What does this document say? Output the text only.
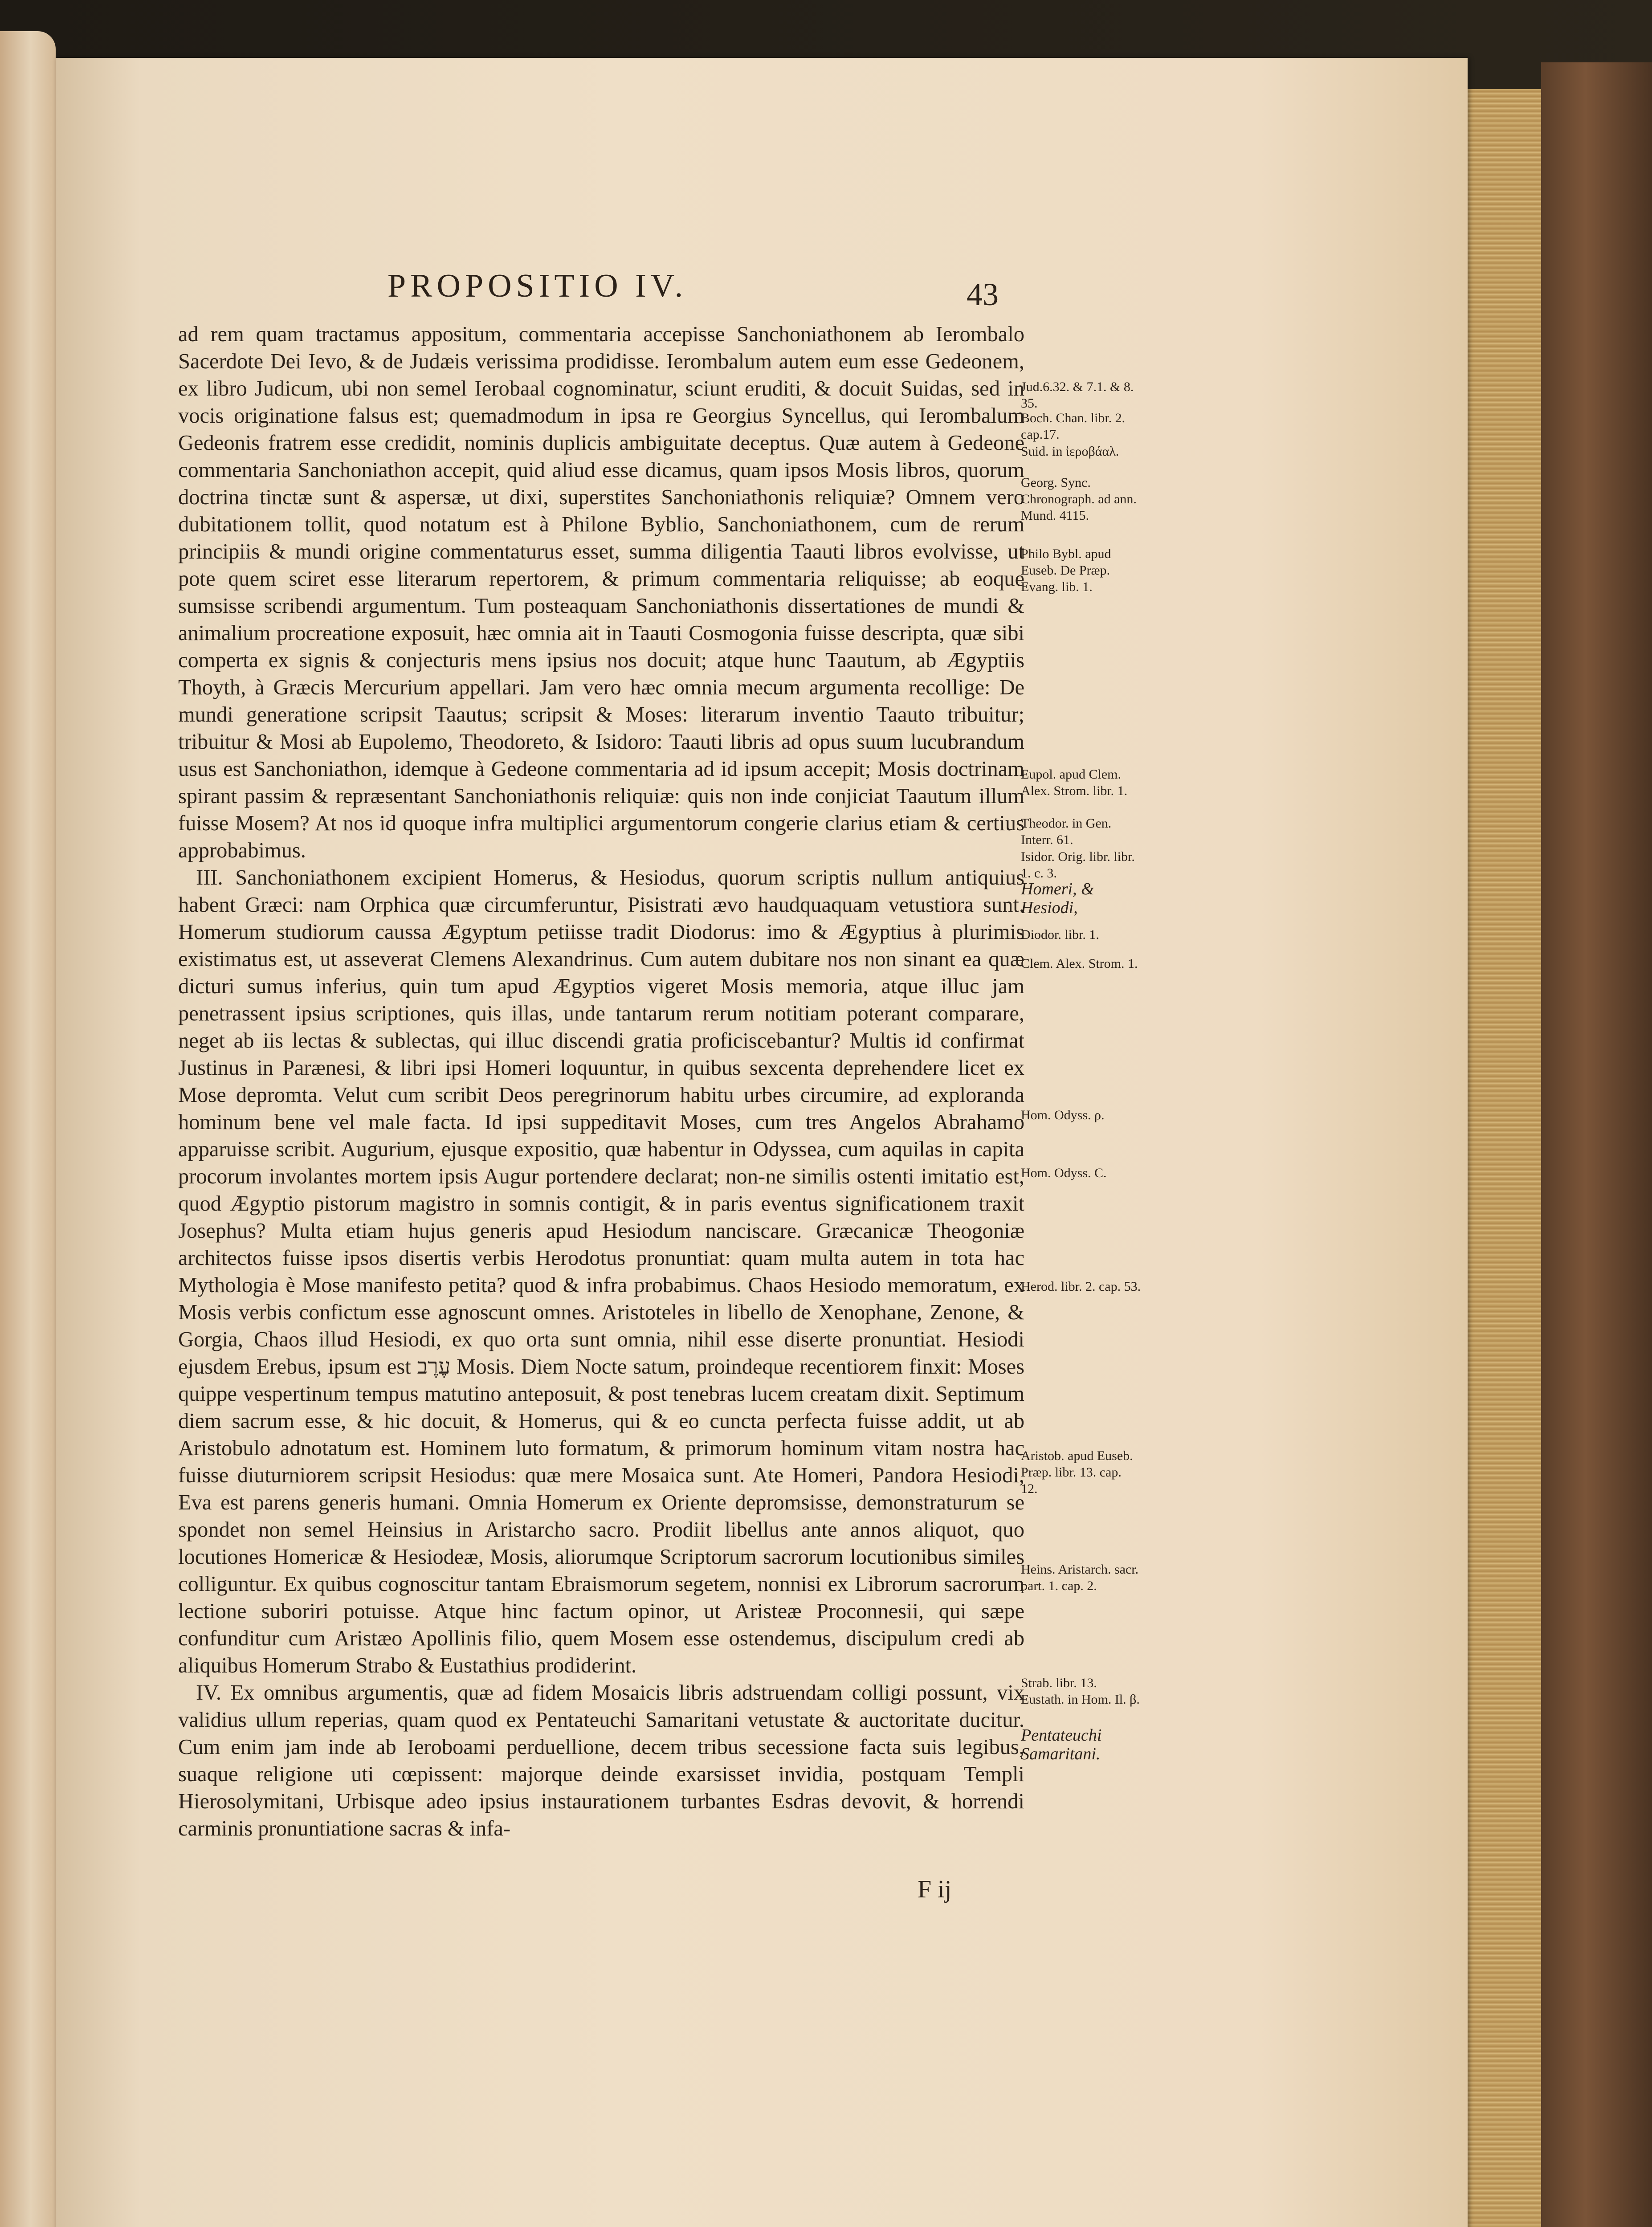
PROPOSITIO IV.	43

ad rem quam tractamus appositum, commentaria accepisse Sanchoniathonem ab Ierombalo Sacerdote Dei Ievo, & de Judæis verissima prodidisse. Ierombalum autem eum esse Gedeonem, ex libro Judicum, ubi non semel Ierobaal cognominatur, sciunt eruditi, & docuit Suidas, sed in vocis originatione falsus est; quemadmodum in ipsa re Georgius Syncellus, qui Ierombalum Gedeonis fratrem esse credidit, nominis duplicis ambiguitate deceptus. Quæ autem à Gedeone commentaria Sanchoniathon accepit, quid aliud esse dicamus, quam ipsos Mosis libros, quorum doctrina tinctæ sunt & aspersæ, ut dixi, superstites Sanchoniathonis reliquiæ? Omnem vero dubitationem tollit, quod notatum est à Philone Byblio, Sanchoniathonem, cum de rerum principiis & mundi origine commentaturus esset, summa diligentia Taauti libros evolvisse, ut pote quem sciret esse literarum repertorem, & primum commentaria reliquisse; ab eoque sumsisse scribendi argumentum. Tum posteaquam Sanchoniathonis dissertationes de mundi & animalium procreatione exposuit, hæc omnia ait in Taauti Cosmogonia fuisse descripta, quæ sibi comperta ex signis & conjecturis mens ipsius nos docuit; atque hunc Taautum, ab Ægyptiis Thoyth, à Græcis Mercurium appellari. Jam vero hæc omnia mecum argumenta recollige: De mundi generatione scripsit Taautus; scripsit & Moses: literarum inventio Taauto tribuitur; tribuitur & Mosi ab Eupolemo, Theodoreto, & Isidoro: Taauti libris ad opus suum lucubrandum usus est Sanchoniathon, idemque à Gedeone commentaria ad id ipsum accepit; Mosis doctrinam spirant passim & repræsentant Sanchoniathonis reliquiæ: quis non inde conjiciat Taautum illum fuisse Mosem? At nos id quoque infra multiplici argumentorum congerie clarius etiam & certius approbabimus.

III. Sanchoniathonem excipient Homerus, & Hesiodus, quorum scriptis nullum antiquius habent Græci: nam Orphica quæ circumferuntur, Pisistrati ævo haudquaquam vetustiora sunt. Homerum studiorum caussa Ægyptum petiisse tradit Diodorus: imo & Ægyptius à plurimis existimatus est, ut asseverat Clemens Alexandrinus. Cum autem dubitare nos non sinant ea quæ dicturi sumus inferius, quin tum apud Ægyptios vigeret Mosis memoria, atque illuc jam penetrassent ipsius scriptiones, quis illas, unde tantarum rerum notitiam poterant comparare, neget ab iis lectas & sublectas, qui illuc discendi gratia proficiscebantur? Multis id confirmat Justinus in Parænesi, & libri ipsi Homeri loquuntur, in quibus sexcenta deprehendere licet ex Mose depromta. Velut cum scribit Deos peregrinorum habitu urbes circumire, ad exploranda hominum bene vel male facta. Id ipsi suppeditavit Moses, cum tres Angelos Abrahamo apparuisse scribit. Augurium, ejusque expositio, quæ habentur in Odyssea, cum aquilas in capita procorum involantes mortem ipsis Augur portendere declarat; non-ne similis ostenti imitatio est, quod Ægyptio pistorum magistro in somnis contigit, & in paris eventus significationem traxit Josephus? Multa etiam hujus generis apud Hesiodum nanciscare. Græcanicæ Theogoniæ architectos fuisse ipsos disertis verbis Herodotus pronuntiat: quam multa autem in tota hac Mythologia è Mose manifesto petita? quod & infra probabimus. Chaos Hesiodo memoratum, ex Mosis verbis confictum esse agnoscunt omnes. Aristoteles in libello de Xenophane, Zenone, & Gorgia, Chaos illud Hesiodi, ex quo orta sunt omnia, nihil esse diserte pronuntiat. Hesiodi ejusdem Erebus, ipsum est עֶרֶב Mosis. Diem Nocte satum, proindeque recentiorem finxit: Moses quippe vespertinum tempus matutino anteposuit, & post tenebras lucem creatam dixit. Septimum diem sacrum esse, & hic docuit, & Homerus, qui & eo cuncta perfecta fuisse addit, ut ab Aristobulo adnotatum est. Hominem luto formatum, & primorum hominum vitam nostra hac fuisse diuturniorem scripsit Hesiodus: quæ mere Mosaica sunt. Ate Homeri, Pandora Hesiodi, Eva est parens generis humani. Omnia Homerum ex Oriente depromsisse, demonstraturum se spondet non semel Heinsius in Aristarcho sacro. Prodiit libellus ante annos aliquot, quo locutiones Homericæ & Hesiodeæ, Mosis, aliorumque Scriptorum sacrorum locutionibus similes colliguntur. Ex quibus cognoscitur tantam Ebraismorum segetem, nonnisi ex Librorum sacrorum lectione suboriri potuisse. Atque hinc factum opinor, ut Aristeæ Proconnesii, qui sæpe confunditur cum Aristæo Apollinis filio, quem Mosem esse ostendemus, discipulum credi ab aliquibus Homerum Strabo & Eustathius prodiderint.

IV. Ex omnibus argumentis, quæ ad fidem Mosaicis libris adstruendam colligi possunt, vix validius ullum reperias, quam quod ex Pentateuchi Samaritani vetustate & auctoritate ducitur. Cum enim jam inde ab Ieroboami perduellione, decem tribus secessione facta suis legibus, suaque religione uti cœpissent: majorque deinde exarsisset invidia, postquam Templi Hierosolymitani, Urbisque adeo ipsius instaurationem turbantes Esdras devovit, & horrendi carminis pronuntiatione sacras & infa-

Jud.6.32. & 7.1. & 8. 35.
Boch. Chan. libr. 2. cap.17.
Suid. in ἱεροβάαλ.
Georg. Sync. Chronograph. ad ann. Mund. 4115.
Philo Bybl. apud Euseb. De Præp. Evang. lib. 1.
Eupol. apud Clem. Alex. Strom. libr. 1.
Theodor. in Gen. Interr. 61.
Isidor. Orig. libr. libr. 1. c. 3.
Homeri, & Hesiodi,
Diodor. libr. 1.
Clem. Alex. Strom. 1.
Hom. Odyss. ρ.
Hom. Odyss. C.
Herod. libr. 2. cap. 53.
Aristob. apud Euseb. Præp. libr. 13. cap. 12.
Heins. Aristarch. sacr. part. 1. cap. 2.
Strab. libr. 13. Eustath. in Hom. Il. β.
Pentateuchi Samaritani.
F ij
